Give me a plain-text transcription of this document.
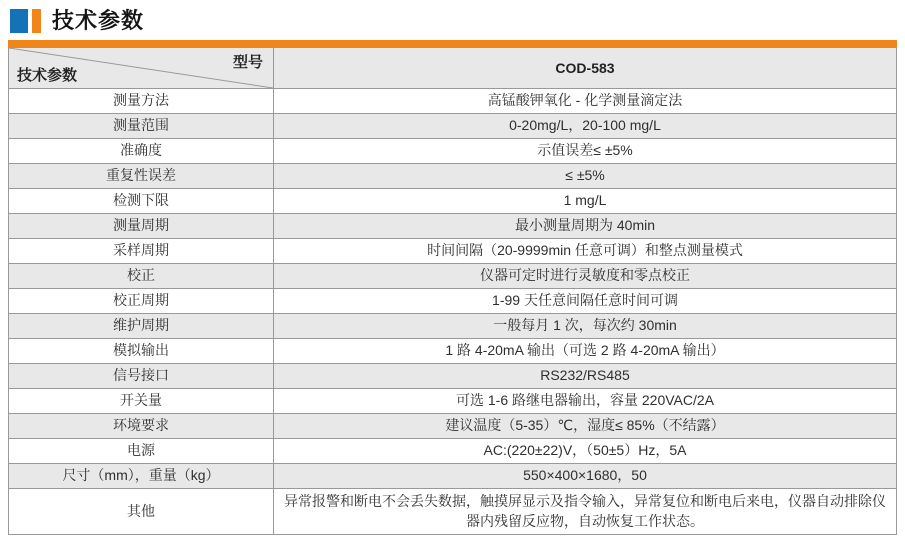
技术参数
型号
技术参数	COD-583
测量方法	高锰酸钾氧化 - 化学测量滴定法
测量范围	0-20mg/L，20-100 mg/L
准确度	示值误差≤ ±5%
重复性误差	≤ ±5%
检测下限	1 mg/L
测量周期	最小测量周期为 40min
采样周期	时间间隔（20-9999min 任意可调）和整点测量模式
校正	仪器可定时进行灵敏度和零点校正
校正周期	1-99 天任意间隔任意时间可调
维护周期	一般每月 1 次，每次约 30min
模拟输出	1 路 4-20mA 输出（可选 2 路 4-20mA 输出）
信号接口	RS232/RS485
开关量	可选 1-6 路继电器输出，容量 220VAC/2A
环境要求	建议温度（5-35）℃，湿度≤ 85%（不结露）
电源	AC:(220±22)V，（50±5）Hz，5A
尺寸（mm），重量（kg）	550×400×1680，50
其他	异常报警和断电不会丢失数据，触摸屏显示及指令输入，异常复位和断电后来电，仪器自动排除仪器内残留反应物，自动恢复工作状态。
